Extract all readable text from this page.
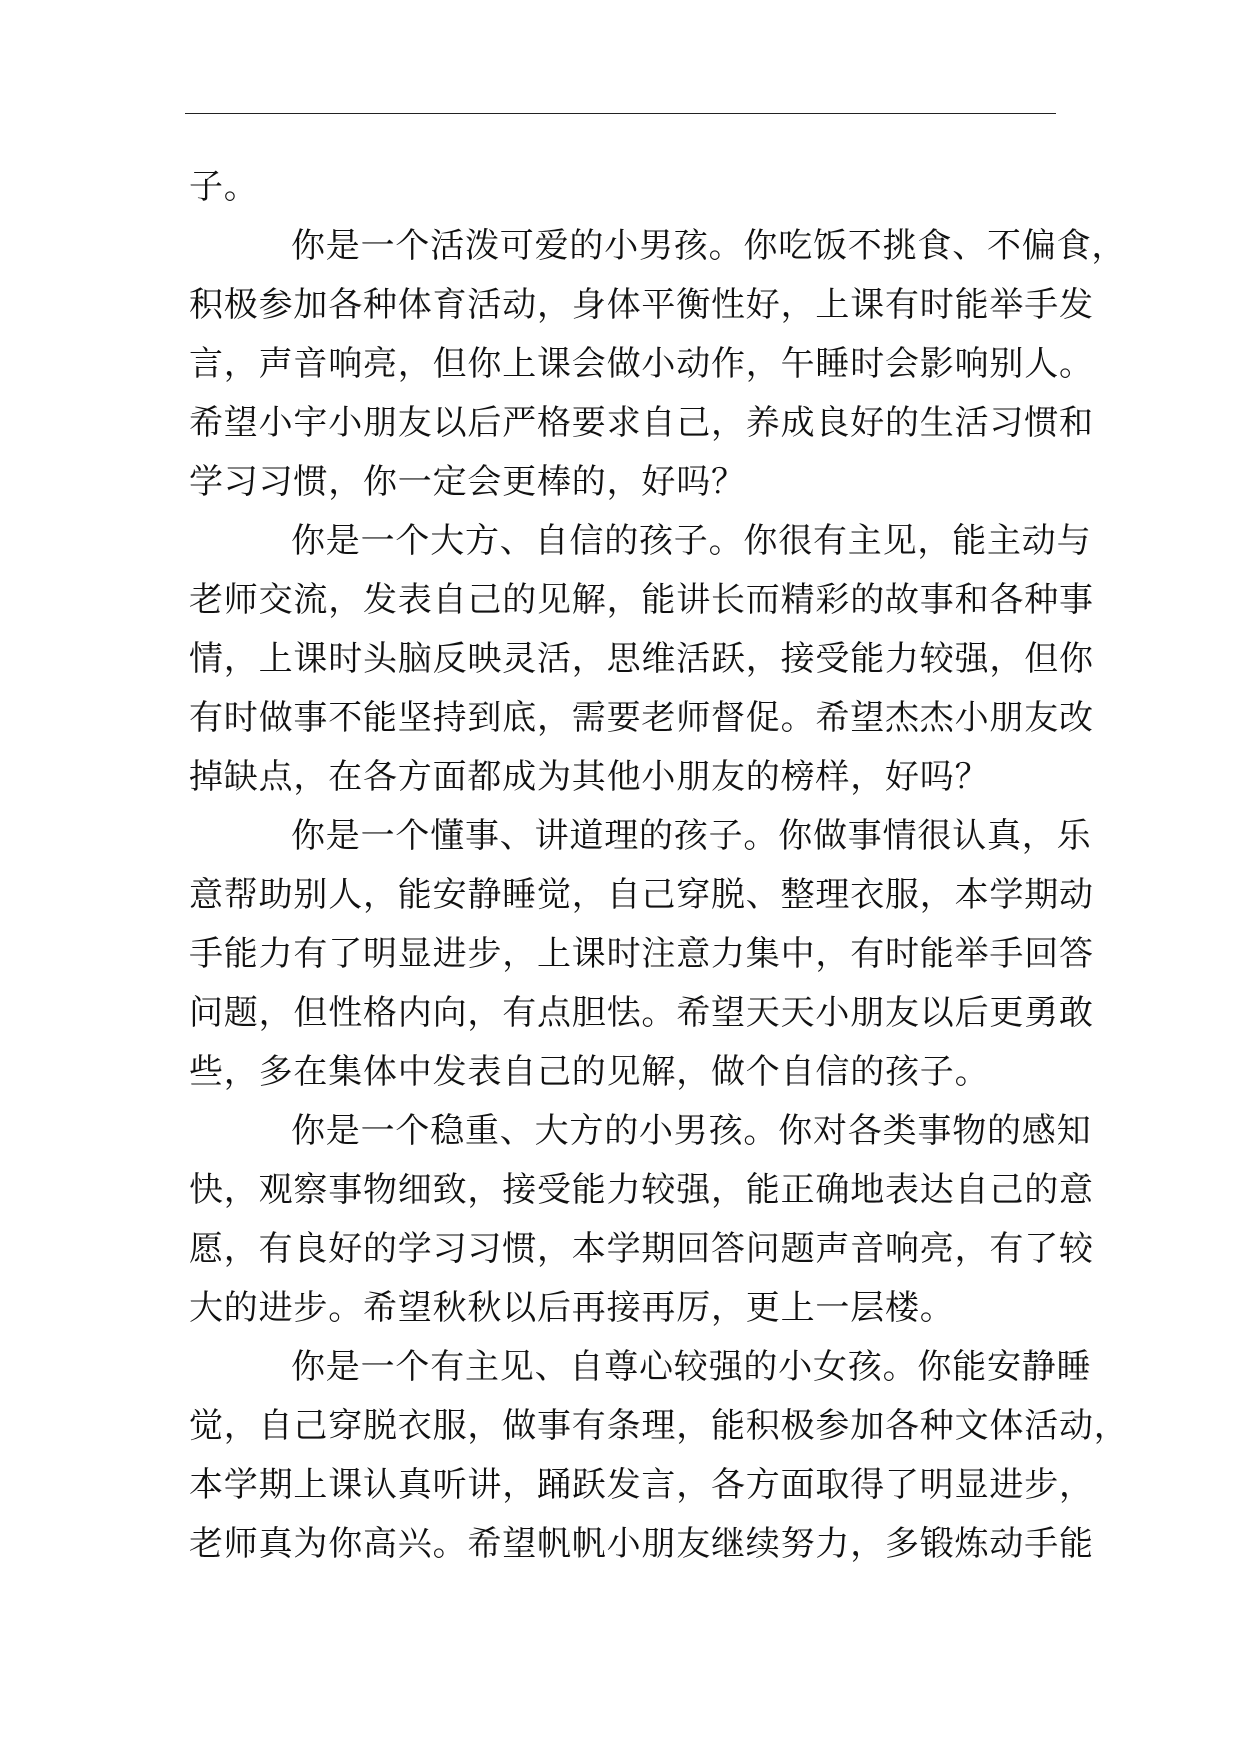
子。
你是一个活泼可爱的小男孩。你吃饭不挑食、不偏食，
积极参加各种体育活动，身体平衡性好，上课有时能举手发
言，声音响亮，但你上课会做小动作，午睡时会影响别人。
希望小宇小朋友以后严格要求自己，养成良好的生活习惯和
学习习惯，你一定会更棒的，好吗？
你是一个大方、自信的孩子。你很有主见，能主动与
老师交流，发表自己的见解，能讲长而精彩的故事和各种事
情，上课时头脑反映灵活，思维活跃，接受能力较强，但你
有时做事不能坚持到底，需要老师督促。希望杰杰小朋友改
掉缺点，在各方面都成为其他小朋友的榜样，好吗？
你是一个懂事、讲道理的孩子。你做事情很认真，乐
意帮助别人，能安静睡觉，自己穿脱、整理衣服，本学期动
手能力有了明显进步，上课时注意力集中，有时能举手回答
问题，但性格内向，有点胆怯。希望天天小朋友以后更勇敢
些，多在集体中发表自己的见解，做个自信的孩子。
你是一个稳重、大方的小男孩。你对各类事物的感知
快，观察事物细致，接受能力较强，能正确地表达自己的意
愿，有良好的学习习惯，本学期回答问题声音响亮，有了较
大的进步。希望秋秋以后再接再厉，更上一层楼。
你是一个有主见、自尊心较强的小女孩。你能安静睡
觉，自己穿脱衣服，做事有条理，能积极参加各种文体活动，
本学期上课认真听讲，踊跃发言，各方面取得了明显进步，
老师真为你高兴。希望帆帆小朋友继续努力，多锻炼动手能
